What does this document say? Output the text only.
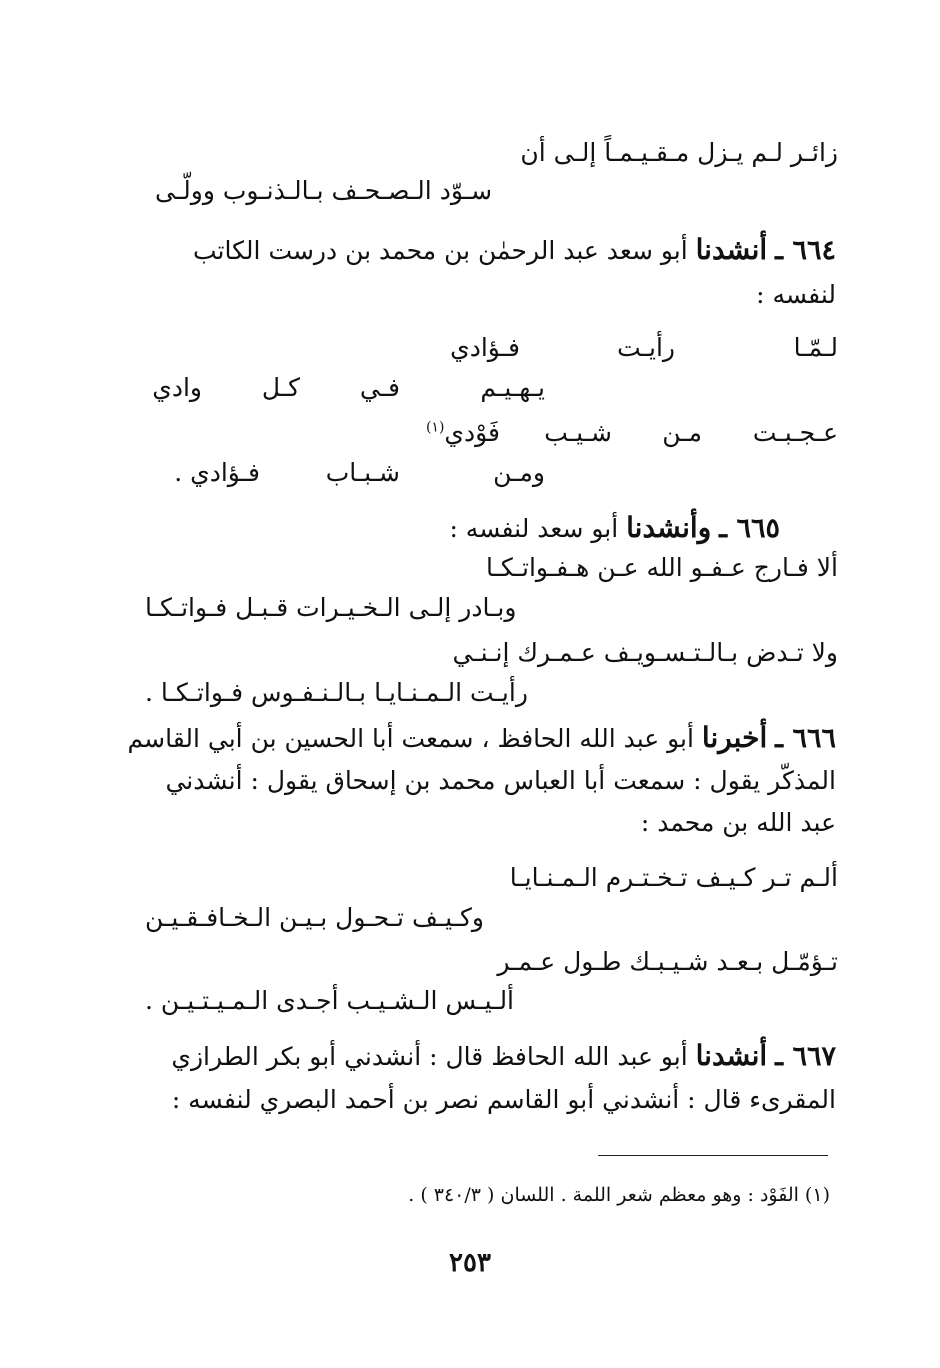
زائـر لـم يـزل مـقـيـمـاً إلـى أن
سـوّد الـصـحـف بـالـذنـوب وولّـى
٦٦٤ ـ أنشدنا أبو سعد عبد الرحمٰن بن محمد بن درست الكاتب
لنفسه :
لـمّـا
رأيـت
فـؤادي
يـهـيـم
فـي
كـل
وادي
عـجـبـت
مـن
شـيـب
فَوْدي$^{(١)}$
ومـن
شـبـاب
فـؤادي .
٦٦٥ ـ وأنشدنا أبو سعد لنفسه :
ألا فـارج عـفـو الله عـن هـفـواتـكـا
وبـادر إلـى الـخـيـرات قـبـل فـواتـكـا
ولا تـدض بـالـتـسـويـف عـمـرك إنـنـي
رأيـت الـمـنـايـا بـالـنـفـوس فـواتـكـا .
٦٦٦ ـ أخبرنا أبو عبد الله الحافظ ، سمعت أبا الحسين بن أبي القاسم
المذكّر يقول : سمعت أبا العباس محمد بن إسحاق يقول : أنشدني
عبد الله بن محمد :
ألـم تـر كـيـف تـخـتـرم الـمـنـايـا
وكـيـف تـحـول بـيـن الـخـافـقـيـن
تـؤمّـل بـعـد شـيـبـك طـول عـمـر
ألـيـس الـشـيـب أجـدى الـمـيـتـيـن .
٦٦٧ ـ أنشدنا أبو عبد الله الحافظ قال : أنشدني أبو بكر الطرازي
المقرىء قال : أنشدني أبو القاسم نصر بن أحمد البصري لنفسه :
(١) الفَوْد : وهو معظم شعر اللمة . اللسان ( ٣٤٠/٣ ) .
٢٥٣
